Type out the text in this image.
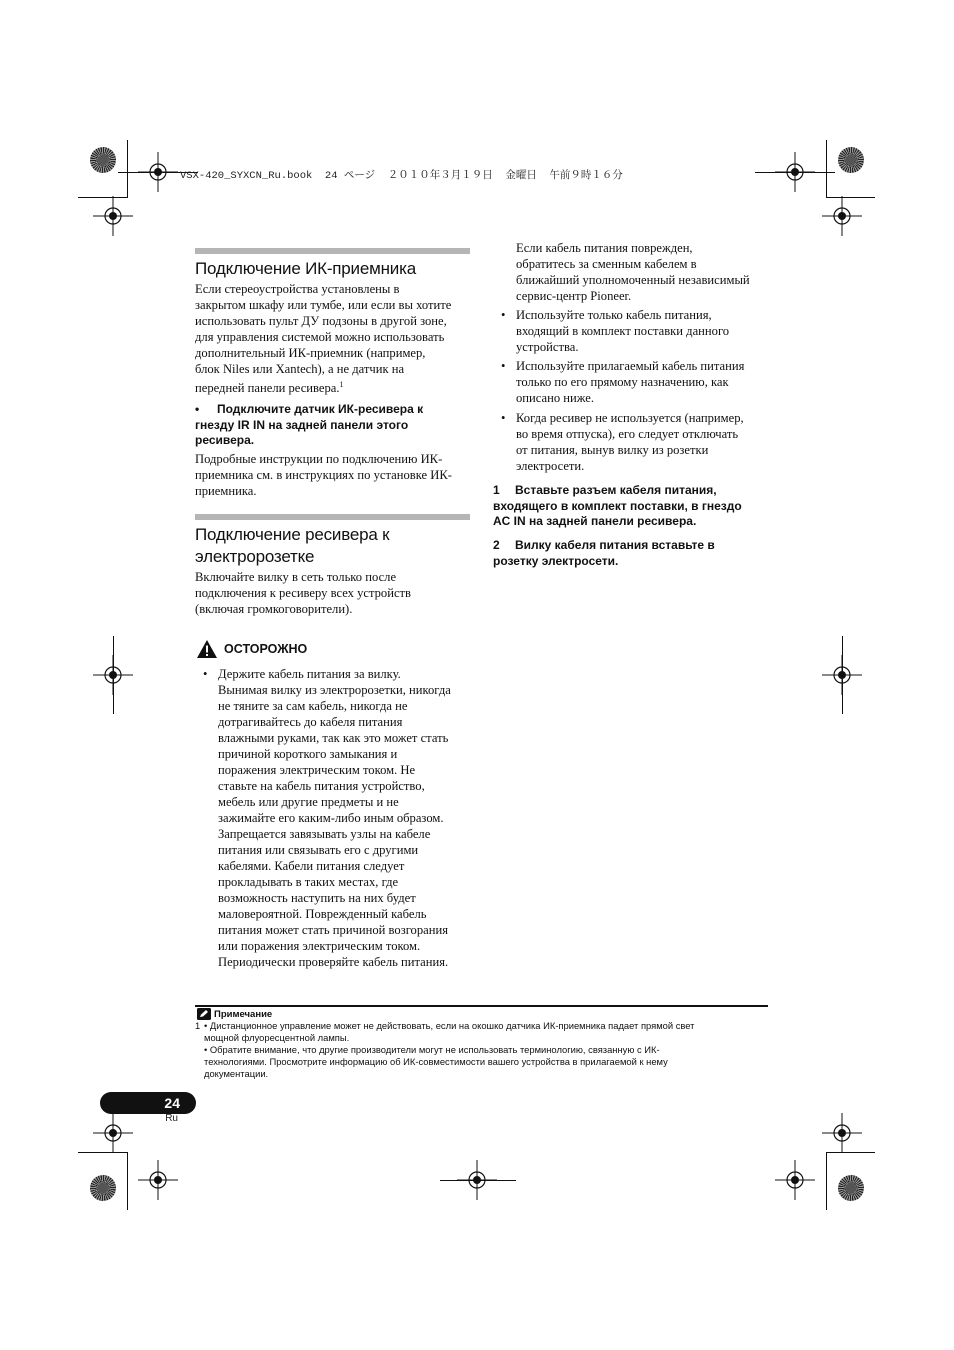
VSX-420_SYXCN_Ru.book  24 ページ  ２０１０年３月１９日  金曜日  午前９時１６分
Подключение ИК-приемника

Если стереоустройства установлены в

закрытом шкафу или тумбе, или если вы хотите

использовать пульт ДУ подзоны в другой зоне,

для управления системой можно использовать

дополнительный ИК-приемник (например,

блок Niles или Xantech), а не датчик на

передней панели ресивера.$^1$

• Подключите датчик ИК-ресивера к
гнезду IR IN на задней панели этого
ресивера.

Подробные инструкции по подключению ИК-

приемника см. в инструкциях по установке ИК-

приемника.

Подключение ресивера к
электророзетке

Включайте вилку в сеть только после

подключения к ресиверу всех устройств

(включая громкоговорители).

ОСТОРОЖНО
• Держите кабель питания за вилку.

Вынимая вилку из электророзетки, никогда

не тяните за сам кабель, никогда не

дотрагивайтесь до кабеля питания

влажными руками, так как это может стать

причиной короткого замыкания и

поражения электрическим током. Не

ставьте на кабель питания устройство,

мебель или другие предметы и не

зажимайте его каким-либо иным образом.

Запрещается завязывать узлы на кабеле

питания или связывать его с другими

кабелями. Кабели питания следует

прокладывать в таких местах, где

возможность наступить на них будет

маловероятной. Поврежденный кабель

питания может стать причиной возгорания

или поражения электрическим током.

Периодически проверяйте кабель питания.

Если кабель питания поврежден,

обратитесь за сменным кабелем в

ближайший уполномоченный независимый

сервис-центр Pioneer.

• Используйте только кабель питания,

входящий в комплект поставки данного

устройства.

• Используйте прилагаемый кабель питания

только по его прямому назначению, как

описано ниже.

• Когда ресивер не используется (например,

во время отпуска), его следует отключать

от питания, вынув вилку из розетки

электросети.

1 Вставьте разъем кабеля питания,
входящего в комплект поставки, в гнездо
AC IN на задней панели ресивера.
2 Вилку кабеля питания вставьте в
розетку электросети.
Примечание
1 • Дистанционное управление может не действовать, если на окошко датчика ИК-приемника падает прямой свет
мощной флуоресцентной лампы.
• Обратите внимание, что другие производители могут не использовать терминологию, связанную с ИК-
технологиями. Просмотрите информацию об ИК-совместимости вашего устройства в прилагаемой к нему
документации.
24
Ru
